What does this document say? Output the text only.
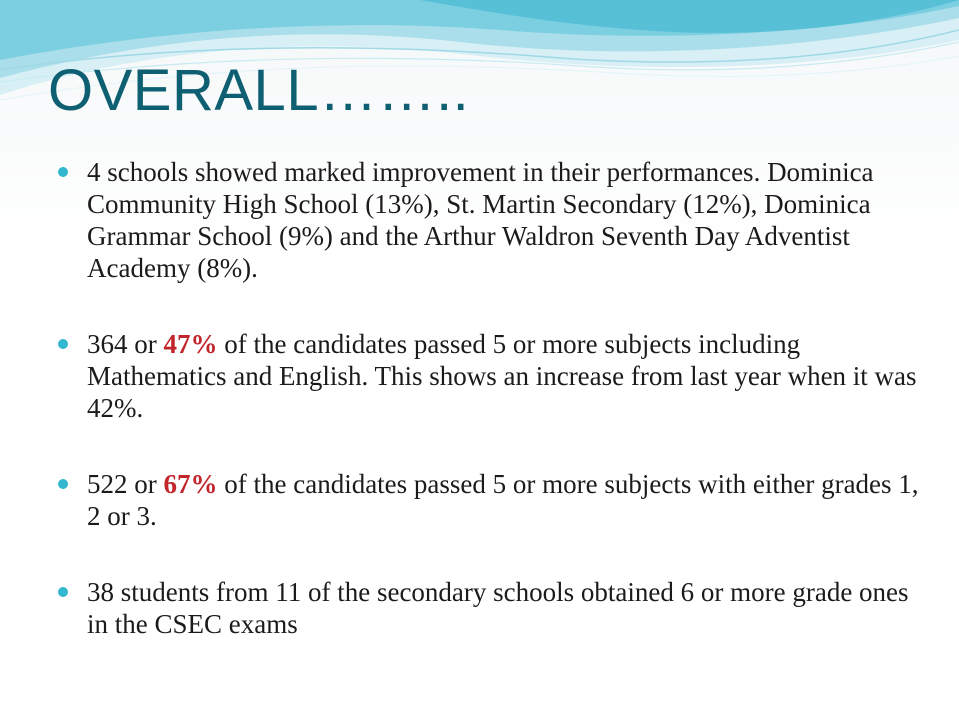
OVERALL……..
4 schools showed marked improvement in their performances. Dominica Community High School (13%), St. Martin Secondary (12%), Dominica Grammar School (9%) and the Arthur Waldron Seventh Day Adventist Academy (8%).
364 or 47% of the candidates passed 5 or more subjects including Mathematics and English. This shows an increase from last year when it was 42%.
522 or 67% of the candidates passed 5 or more subjects with either grades 1, 2 or 3.
38 students from 11 of the secondary schools obtained 6 or more grade ones in the CSEC exams
